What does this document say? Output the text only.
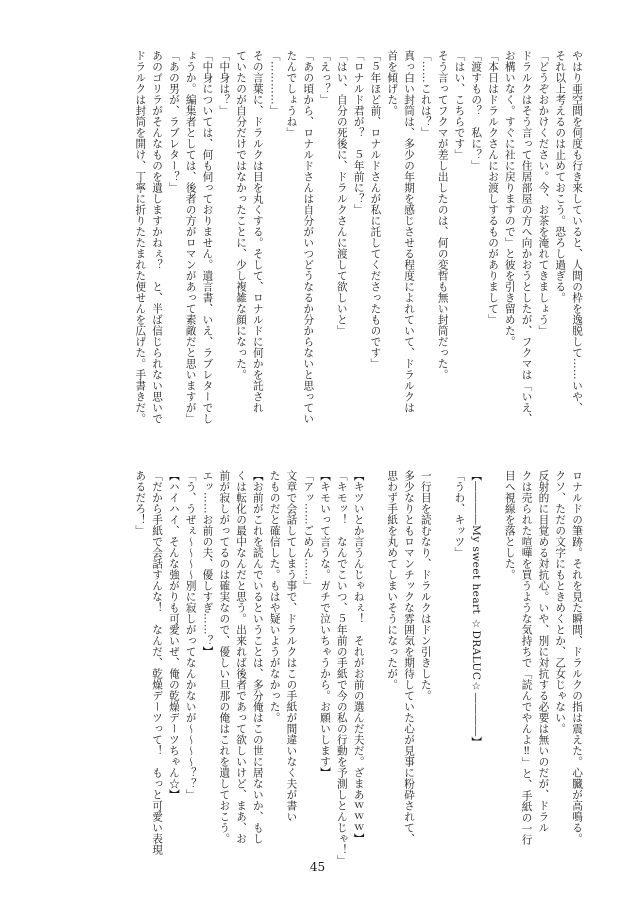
やはり亜空間を何度も行き来していると、人間の枠を逸脱して……いや、
それ以上考えるのは止めておこう。恐ろし過ぎる。
「どうぞおかけください。今、お茶を淹れてきましょう」
ドラルクはそう言って住居部屋の方へ向かおうとしたが、フクマは「いえ、
お構いなく。すぐに社に戻りますので」と彼を引き留めた。
「本日はドラルクさんにお渡しするものがありまして」
「渡すもの？　私に？」
「はい、こちらです」
そう言ってフクマが差し出したのは、何の変哲も無い封筒だった。
「……これは？」
真っ白い封筒は、多少の年期を感じさせる程度によれていて、ドラルクは
首を傾げた。
「５年ほど前、ロナルドさんが私に託してくださったものです」
「ロナルド君が？　５年前に？」
「はい、自分の死後に、ドラルクさんに渡して欲しいと」
「えっ？」
「あの頃から、ロナルドさんは自分がいつどうなるか分からないと思ってい
たんでしょうね」
「…………」
その言葉に、ドラルクは目を丸くする。そして、ロナルドに何かを託され
ていたのが自分だけではなかったことに、少し複雑な顔になった。
「中身は？」
「中身については、何も伺っておりません。遺言書、いえ、ラブレターでし
ょうか。編集者としては、後者の方がロマンがあって素敵だと思いますが」
「あの男が、ラブレター？」
あのゴリラがそんなものを遺しますかねぇ？　と、半ば信じられない思いで
ドラルクは封筒を開け、丁寧に折りたたまれた便せんを広げた。手書きだ。
ロナルドの筆跡。それを見た瞬間、ドラルクの指は震えた。心臓が高鳴る。
クソ、ただの文字にもときめくとか、乙女じゃない。
反射的に目覚める対抗心。いや、別に対抗する必要は無いのだが、ドラル
クは売られた喧嘩を買うような気持ちで「読んでやんよ‼」と、手紙の一行
目へ視線を落とした。

【――――My sweet heart ☆DRALUC☆――――】
「うわ、キッツ」

一行目を読むなり、ドラルクはドン引きした。
多少なりともロマンチックな雰囲気を期待していた心が見事に粉砕されて、
思わず手紙を丸めてしまいそうになったが。

【キツいとか言うんじゃねぇ！　それがお前の選んだ夫だ。ざまあｗｗｗ】
「キモッ！　なんでこいつ、５年前の手紙で今の私の行動を予測しとんじゃ！」
【キモいって言うな。ガチで泣いちゃうから。お願いします】
「アッ……ごめん……」
文章で会話してしまう事で、ドラルクはこの手紙が間違いなく夫が書い
たものだと確信した。もはや疑いようがなかった。
【お前がこれを読んでいるということは、多分俺はこの世に居ないか、もし
くは転化の最中なんだと思う。出来れば後者であって欲しいけど、まあ、お
前が寂しがってるのは確実なので、優しい旦那の俺はこれを遺しておこう。
エッ……お前の夫、優しすぎ……？】
「う、うぜぇ～～～～別に寂しがってなんかないが～～～～？？」
【ハイハイ、そんな強がりも可愛いぜ、俺の乾燥デーツちゃん☆】
「だから手紙で会話すんな！　なんだ、乾燥デーツって！　もっと可愛い表現
あるだろ！」
45
